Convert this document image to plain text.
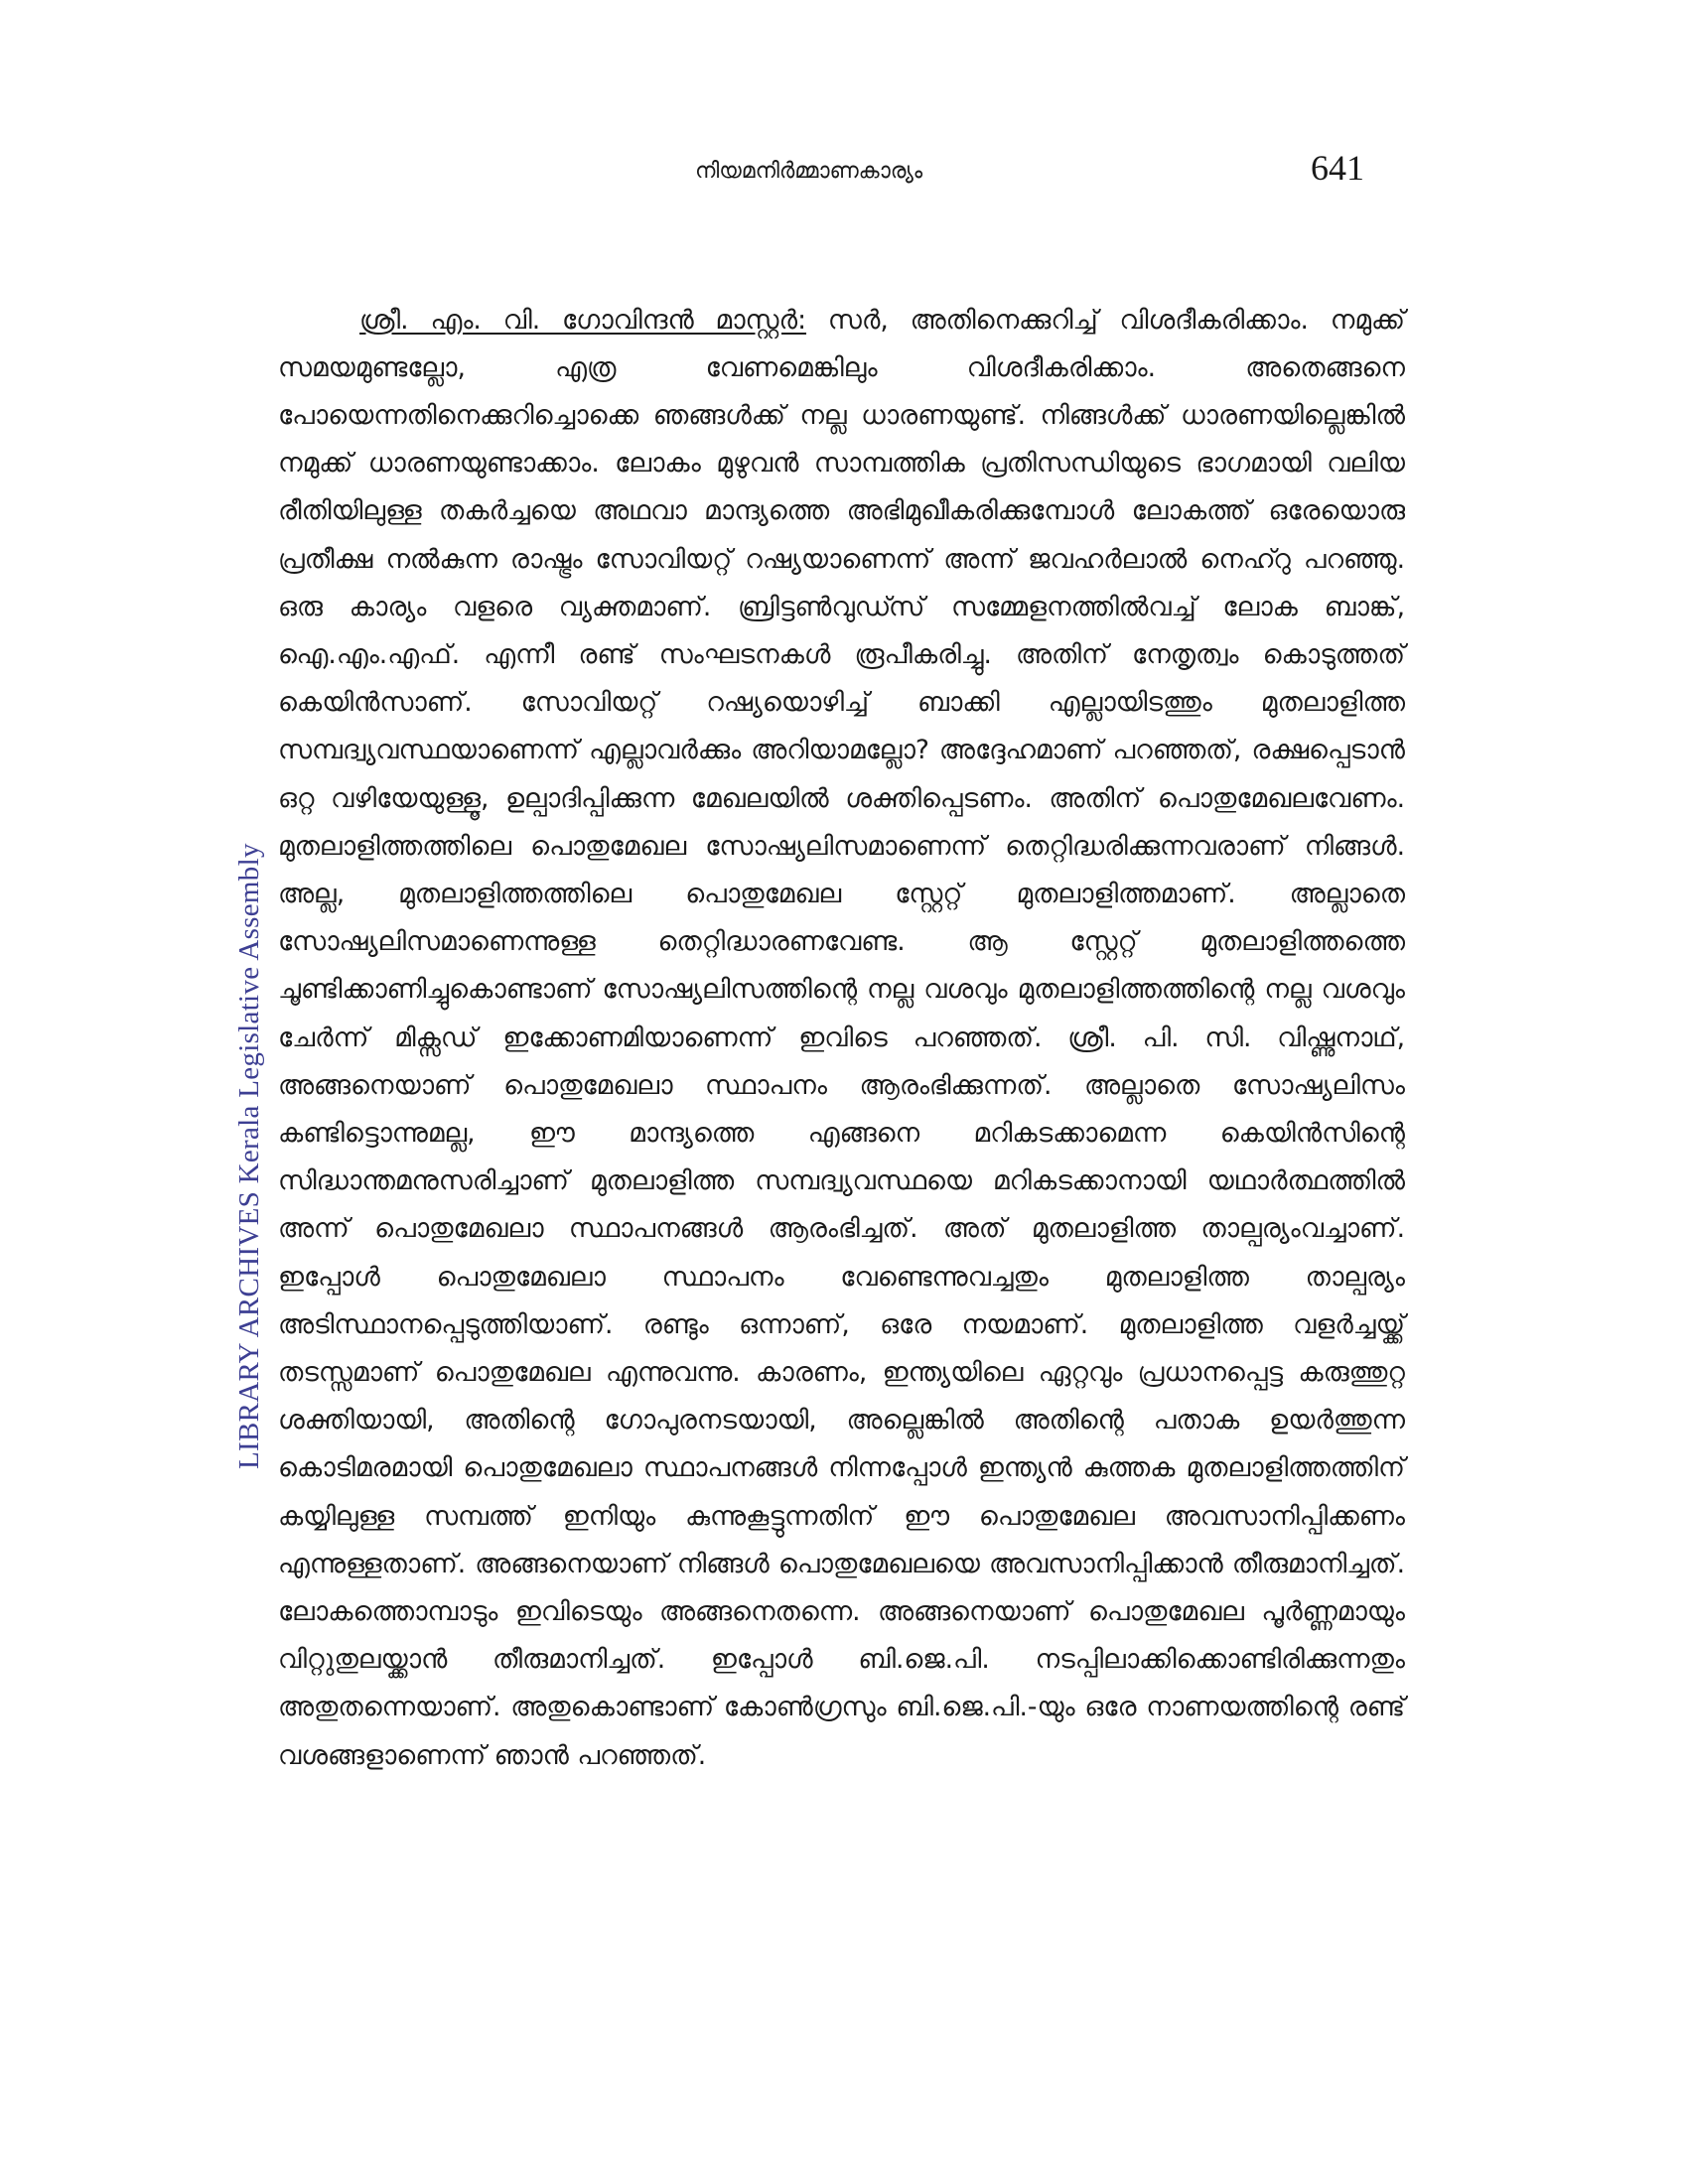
നിയമനിർമ്മാണകാര്യം	641
LIBRARY ARCHIVES Kerala Legislative Assembly

ശ്രീ. എം. വി. ഗോവിന്ദൻ മാസ്റ്റർ: സർ, അതിനെക്കുറിച്ച് വിശദീകരിക്കാം. നമുക്ക് സമയമുണ്ടല്ലോ, എത്ര വേണമെങ്കിലും വിശദീകരിക്കാം. അതെങ്ങനെ പോയെന്നതിനെക്കുറിച്ചൊക്കെ ഞങ്ങൾക്ക് നല്ല ധാരണയുണ്ട്. നിങ്ങൾക്ക് ധാരണയില്ലെങ്കിൽ നമുക്ക് ധാരണയുണ്ടാക്കാം. ലോകം മുഴുവൻ സാമ്പത്തിക പ്രതിസന്ധിയുടെ ഭാഗമായി വലിയ രീതിയിലുള്ള തകർച്ചയെ അഥവാ മാന്ദ്യത്തെ അഭിമുഖീകരിക്കുമ്പോൾ ലോകത്ത് ഒരേയൊരു പ്രതീക്ഷ നൽകുന്ന രാഷ്ട്രം സോവിയറ്റ് റഷ്യയാണെന്ന് അന്ന് ജവഹർലാൽ നെഹ്റു പറഞ്ഞു. ഒരു കാര്യം വളരെ വ്യക്തമാണ്. ബ്രിട്ടൺവുഡ്സ് സമ്മേളനത്തിൽവച്ച് ലോക ബാങ്ക്, ഐ.എം.എഫ്. എന്നീ രണ്ട് സംഘടനകൾ രൂപീകരിച്ചു. അതിന് നേതൃത്വം കൊടുത്തത് കെയിൻസാണ്. സോവിയറ്റ് റഷ്യയൊഴിച്ച് ബാക്കി എല്ലായിടത്തും മുതലാളിത്ത സമ്പദ്വ്യവസ്ഥയാണെന്ന് എല്ലാവർക്കും അറിയാമല്ലോ? അദ്ദേഹമാണ് പറഞ്ഞത്, രക്ഷപ്പെടാൻ ഒറ്റ വഴിയേയുള്ളൂ, ഉല്പാദിപ്പിക്കുന്ന മേഖലയിൽ ശക്തിപ്പെടണം. അതിന് പൊതുമേഖലവേണം. മുതലാളിത്തത്തിലെ പൊതുമേഖല സോഷ്യലിസമാണെന്ന് തെറ്റിദ്ധരിക്കുന്നവരാണ് നിങ്ങൾ. അല്ല, മുതലാളിത്തത്തിലെ പൊതുമേഖല സ്റ്റേറ്റ് മുതലാളിത്തമാണ്. അല്ലാതെ സോഷ്യലിസമാണെന്നുള്ള തെറ്റിദ്ധാരണവേണ്ട. ആ സ്റ്റേറ്റ് മുതലാളിത്തത്തെ ചൂണ്ടിക്കാണിച്ചുകൊണ്ടാണ് സോഷ്യലിസത്തിന്റെ നല്ല വശവും മുതലാളിത്തത്തിന്റെ നല്ല വശവും ചേർന്ന് മിക്സഡ് ഇക്കോണമിയാണെന്ന് ഇവിടെ പറഞ്ഞത്. ശ്രീ. പി. സി. വിഷ്ണുനാഥ്, അങ്ങനെയാണ് പൊതുമേഖലാ സ്ഥാപനം ആരംഭിക്കുന്നത്. അല്ലാതെ സോഷ്യലിസം കണ്ടിട്ടൊന്നുമല്ല, ഈ മാന്ദ്യത്തെ എങ്ങനെ മറികടക്കാമെന്ന കെയിൻസിന്റെ സിദ്ധാന്തമനുസരിച്ചാണ് മുതലാളിത്ത സമ്പദ്വ്യവസ്ഥയെ മറികടക്കാനായി യഥാർത്ഥത്തിൽ അന്ന് പൊതുമേഖലാ സ്ഥാപനങ്ങൾ ആരംഭിച്ചത്. അത് മുതലാളിത്ത താല്പര്യംവച്ചാണ്. ഇപ്പോൾ പൊതുമേഖലാ സ്ഥാപനം വേണ്ടെന്നുവച്ചതും മുതലാളിത്ത താല്പര്യം അടിസ്ഥാനപ്പെടുത്തിയാണ്. രണ്ടും ഒന്നാണ്, ഒരേ നയമാണ്. മുതലാളിത്ത വളർച്ചയ്ക്ക് തടസ്സമാണ് പൊതുമേഖല എന്നുവന്നു. കാരണം, ഇന്ത്യയിലെ ഏറ്റവും പ്രധാനപ്പെട്ട കരുത്തുറ്റ ശക്തിയായി, അതിന്റെ ഗോപുരനടയായി, അല്ലെങ്കിൽ അതിന്റെ പതാക ഉയർത്തുന്ന കൊടിമരമായി പൊതുമേഖലാ സ്ഥാപനങ്ങൾ നിന്നപ്പോൾ ഇന്ത്യൻ കുത്തക മുതലാളിത്തത്തിന് കയ്യിലുള്ള സമ്പത്ത് ഇനിയും കുന്നുകൂട്ടുന്നതിന് ഈ പൊതുമേഖല അവസാനിപ്പിക്കണം എന്നുള്ളതാണ്. അങ്ങനെയാണ് നിങ്ങൾ പൊതുമേഖലയെ അവസാനിപ്പിക്കാൻ തീരുമാനിച്ചത്. ലോകത്തൊമ്പാടും ഇവിടെയും അങ്ങനെതന്നെ. അങ്ങനെയാണ് പൊതുമേഖല പൂർണ്ണമായും വിറ്റുതുലയ്ക്കാൻ തീരുമാനിച്ചത്. ഇപ്പോൾ ബി.ജെ.പി. നടപ്പിലാക്കിക്കൊണ്ടിരിക്കുന്നതും അതുതന്നെയാണ്. അതുകൊണ്ടാണ് കോൺഗ്രസും ബി.ജെ.പി.-യും ഒരേ നാണയത്തിന്റെ രണ്ട് വശങ്ങളാണെന്ന് ഞാൻ പറഞ്ഞത്.
